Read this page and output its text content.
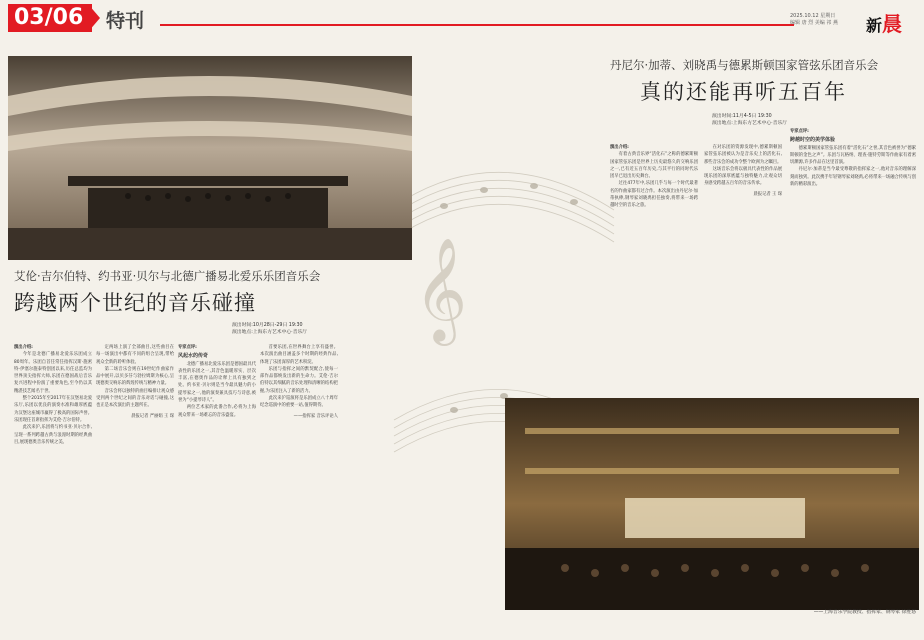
03/06	特刊	2025.10.12 星期日
编辑 唐 烈 美编 祁 燕	新晨
𝄞
艾伦·吉尔伯特、约书亚·贝尔与北德广播易北爱乐乐团音乐会
跨越两个世纪的音乐碰撞
演出时间:10月28日-29日 19:30
演出地点:上海东方艺术中心·音乐厅

演出介绍:

今年是北德广播易北爱乐乐团成立80周年。乐团自首任常任指挥汉斯·施密特-伊塞尔施泰特创团以来,历任总监均为世界顶尖指挥大师,乐团在德国战后音乐复兴进程中扮演了重要角色,至今仍以其精湛技艺闻名于世。

整个2015年至2017年在汉堡易北爱乐厅,乐团以优良的演奏水准和雄厚底蕴为汉堡这座城市赢得了极高的国际声誉。乐团现任首席指挥为艾伦·吉尔伯特。

此次来沪,乐团将与约书亚·贝尔合作,呈现一系列跨越古典与浪漫时期的经典曲目,展现德奥音乐传统之美。

定两场上演了全部曲目,这些曲目在每一场演出中都有不同的组合呈现,带给观众全新的聆听体验。

第二场音乐会则在19世纪作曲家作品中展开,以贝多芬与勃拉姆斯为核心,呈现德奥交响乐的辉煌传统与精神力量。

音乐会将以独特的曲目编排让观众感受到两个世纪之间的音乐对话与碰撞,这也正是本次演出的主题所在。

晨报记者 严丽娟 王 琛

专家点评:

风起水的传奇

北德广播易北爱乐乐团是德国最具代表性的乐团之一,其音色温暖厚实、层次丰富,在德奥作品的诠释上具有独到之处。约书亚·贝尔则是当今最具魅力的小提琴家之一,他的演奏兼具技巧与诗意,被誉为“小提琴诗人”。

两位艺术家的此番合作,必将为上海观众带来一场难忘的音乐盛宴。

首要乐团,在世界舞台上享有盛誉。本次演出曲目涵盖多个时期的经典作品,体现了乐团深厚的艺术积淀。

乐团与指挥之间的默契配合,使每一部作品都焕发出新的生命力。艾伦·吉尔伯特以其细腻的音乐处理和清晰的结构把握,为乐团注入了新的活力。

此次来沪巡演将是乐团成立八十周年纪念巡演中的重要一站,值得期待。

——指挥家 音乐评论人

丹尼尔·加蒂、刘晓禹与德累斯顿国家管弦乐团音乐会
真的还能再听五百年
演出时间:11月4-5日 19:30
演出地点:上海东方艺术中心·音乐厅

演出介绍:

有着古典音乐界“活化石”之称的德累斯顿国家管弦乐团是世界上历史最悠久的交响乐团之一,已有近五百年历史,与其平行的同时代乐团早已退出历史舞台。

过往477年中,乐团几乎与每一个时代最著名的作曲家都有过合作。本次演出由丹尼尔·加蒂执棒,钢琴家刘晓禹担任独奏,将带来一场跨越时空的音乐之旅。

在对乐团的资源发现中,德累斯顿国家管弦乐团被认为是音乐史上的活化石,那些音乐会的成功令整个欧洲为之瞩目。

这场音乐会将以极具代表性的作品展现乐团的深厚底蕴与独特魅力,让观众切身感受跨越五百年的音乐传承。

晨报记者 王 琛

专家点评:

跨越时空的美学体验

德累斯顿国家管弦乐团有着“活化石”之誉,其音色被誉为“德累斯顿的金色之声”。乐团与瓦格纳、理查·施特劳斯等作曲家有着密切渊源,许多作品在这里首演。

丹尼尔·加蒂是当今最受尊敬的指挥家之一,他对音乐的理解深刻而独到。此次携手年轻钢琴家刘晓禹,必将带来一场融合传统与创新的精彩演出。

——上海音乐学院教授、指挥家、钢琴家 徐胜悠
